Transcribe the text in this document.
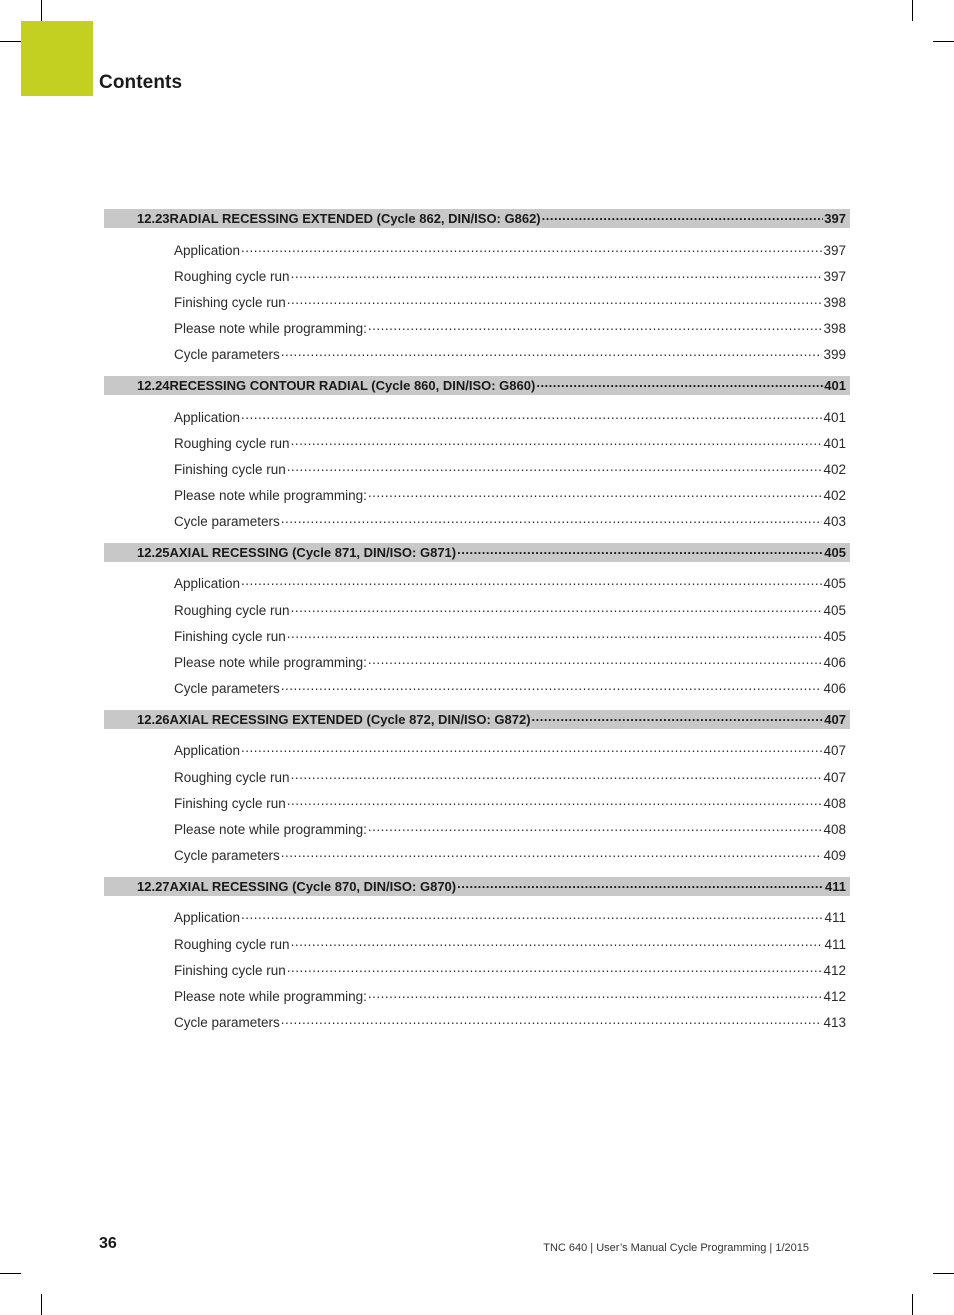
Contents
12.23 RADIAL RECESSING EXTENDED (Cycle 862, DIN/ISO: G862) .....	397
Application .....	397
Roughing cycle run .....	397
Finishing cycle run .....	398
Please note while programming: .....	398
Cycle parameters .....	399
12.24 RECESSING CONTOUR RADIAL (Cycle 860, DIN/ISO: G860) .....	401
Application .....	401
Roughing cycle run .....	401
Finishing cycle run .....	402
Please note while programming: .....	402
Cycle parameters .....	403
12.25 AXIAL RECESSING (Cycle 871, DIN/ISO: G871) .....	405
Application .....	405
Roughing cycle run .....	405
Finishing cycle run .....	405
Please note while programming: .....	406
Cycle parameters .....	406
12.26 AXIAL RECESSING EXTENDED (Cycle 872, DIN/ISO: G872) .....	407
Application .....	407
Roughing cycle run .....	407
Finishing cycle run .....	408
Please note while programming: .....	408
Cycle parameters .....	409
12.27 AXIAL RECESSING (Cycle 870, DIN/ISO: G870) .....	411
Application .....	411
Roughing cycle run .....	411
Finishing cycle run .....	412
Please note while programming: .....	412
Cycle parameters .....	413
36	TNC 640 | User’s Manual Cycle Programming | 1/2015
